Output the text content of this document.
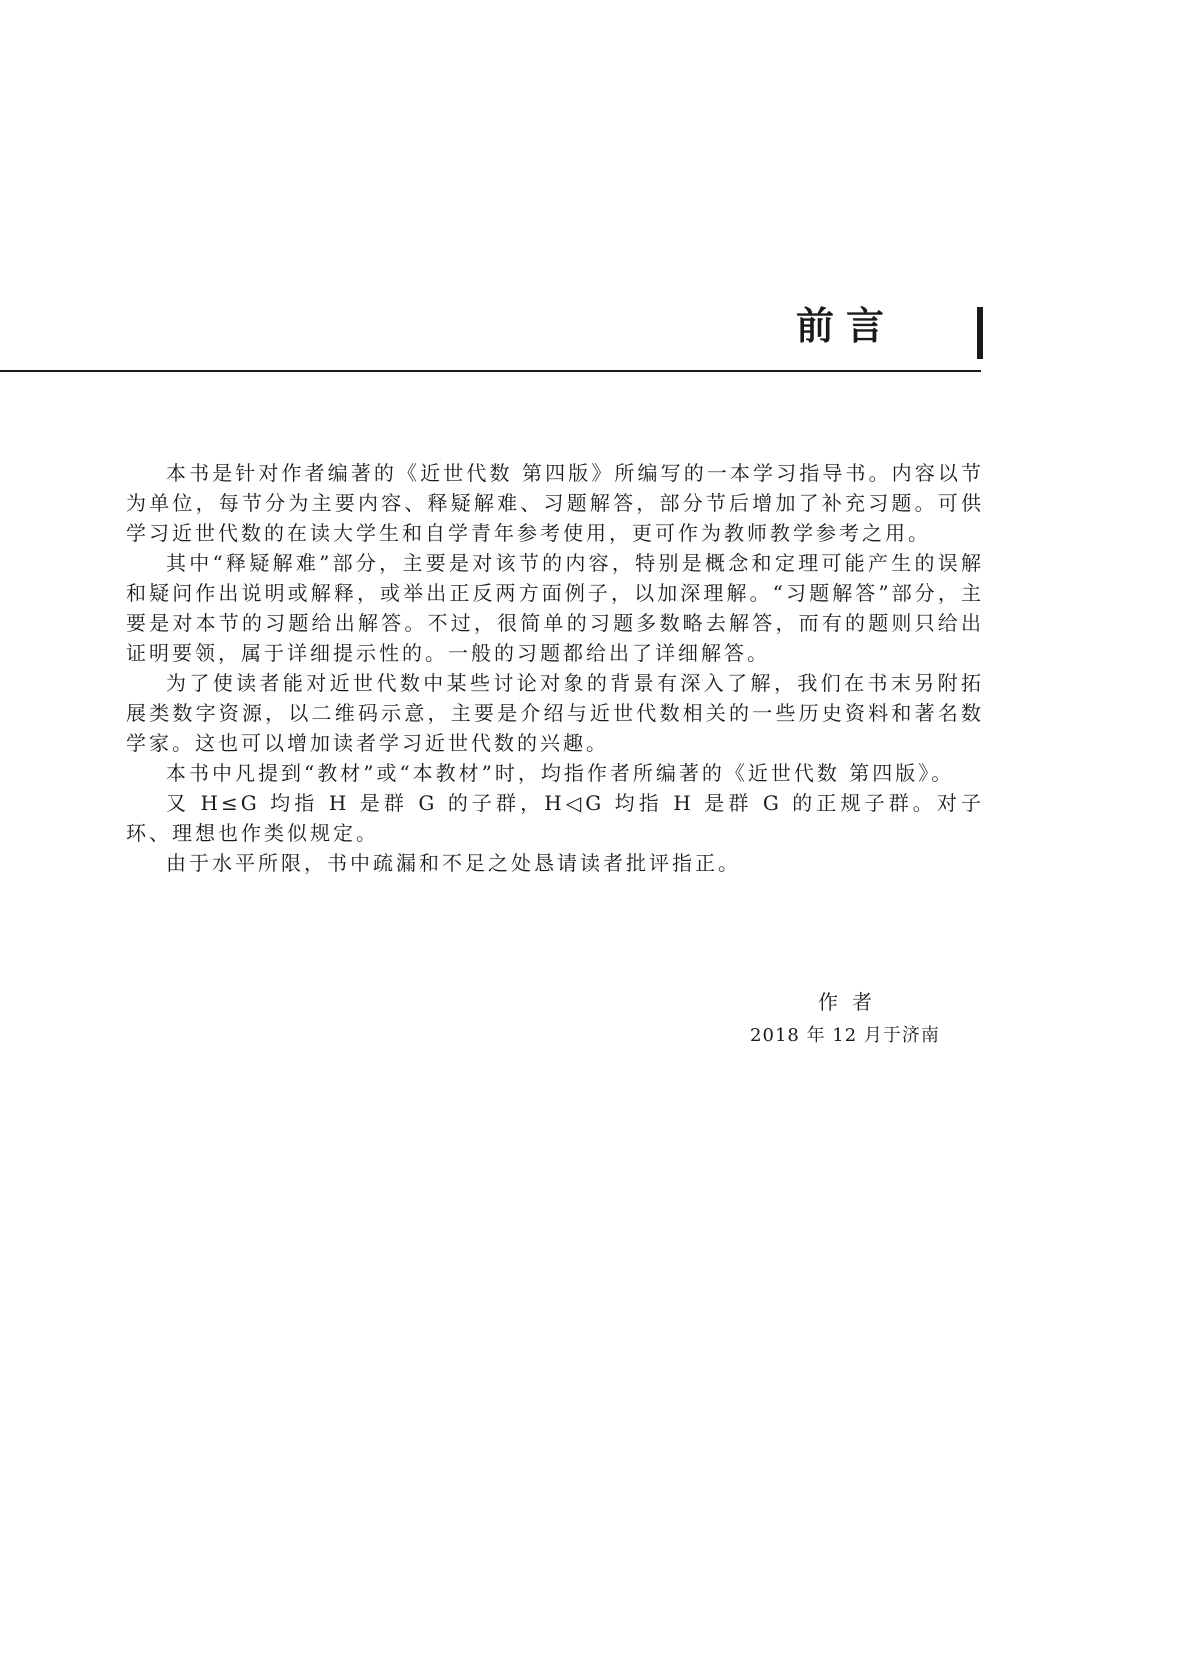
前言

本书是针对作者编著的《近世代数 第四版》所编写的一本学习指导书。内容以节为单位，每节分为主要内容、释疑解难、习题解答，部分节后增加了补充习题。可供学习近世代数的在读大学生和自学青年参考使用，更可作为教师教学参考之用。

其中“释疑解难”部分，主要是对该节的内容，特别是概念和定理可能产生的误解和疑问作出说明或解释，或举出正反两方面例子，以加深理解。“习题解答”部分，主要是对本节的习题给出解答。不过，很简单的习题多数略去解答，而有的题则只给出证明要领，属于详细提示性的。一般的习题都给出了详细解答。

为了使读者能对近世代数中某些讨论对象的背景有深入了解，我们在书末另附拓展类数字资源，以二维码示意，主要是介绍与近世代数相关的一些历史资料和著名数学家。这也可以增加读者学习近世代数的兴趣。

本书中凡提到“教材”或“本教材”时，均指作者所编著的《近世代数 第四版》。

又 H≤G 均指 H 是群 G 的子群，H◁G 均指 H 是群 G 的正规子群。对子环、理想也作类似规定。

由于水平所限，书中疏漏和不足之处恳请读者批评指正。

作者
2018 年 12 月于济南
